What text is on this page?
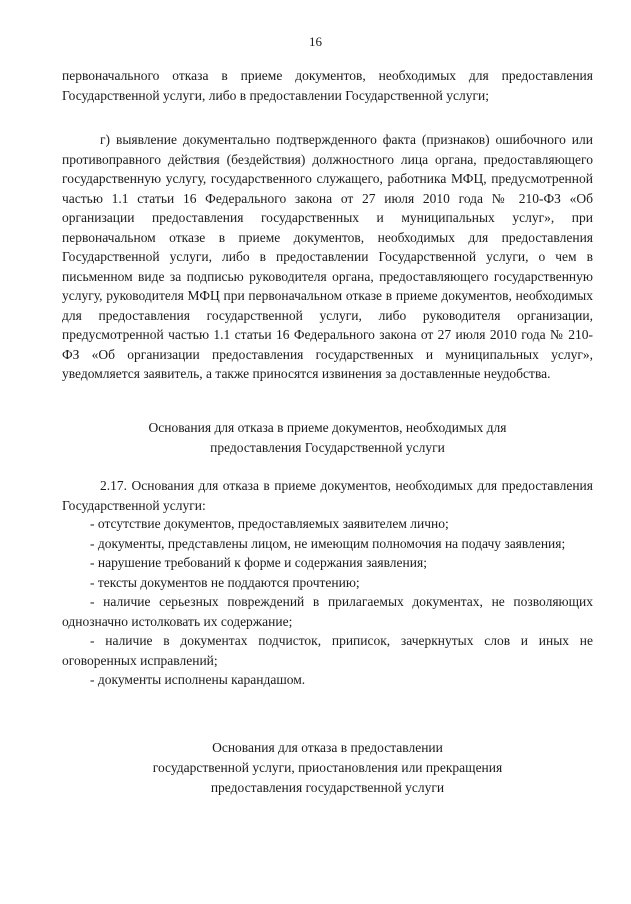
16

первоначального отказа в приеме документов, необходимых для предоставления Государственной услуги, либо в предоставлении Государственной услуги;

г) выявление документально подтвержденного факта (признаков) ошибочного или противоправного действия (бездействия) должностного лица органа, предоставляющего государственную услугу, государственного служащего, работника МФЦ, предусмотренной частью 1.1 статьи 16 Федерального закона от 27 июля 2010 года № 210-ФЗ «Об организации предоставления государственных и муниципальных услуг», при первоначальном отказе в приеме документов, необходимых для предоставления Государственной услуги, либо в предоставлении Государственной услуги, о чем в письменном виде за подписью руководителя органа, предоставляющего государственную услугу, руководителя МФЦ при первоначальном отказе в приеме документов, необходимых для предоставления государственной услуги, либо руководителя организации, предусмотренной частью 1.1 статьи 16 Федерального закона от 27 июля 2010 года № 210-ФЗ «Об организации предоставления государственных и муниципальных услуг», уведомляется заявитель, а также приносятся извинения за доставленные неудобства.

Основания для отказа в приеме документов, необходимых для
предоставления Государственной услуги

2.17. Основания для отказа в приеме документов, необходимых для предоставления Государственной услуги:

- отсутствие документов, предоставляемых заявителем лично;
- документы, представлены лицом, не имеющим полномочия на подачу заявления;
- нарушение требований к форме и содержания заявления;
- тексты документов не поддаются прочтению;
- наличие серьезных повреждений в прилагаемых документах, не позволяющих однозначно истолковать их содержание;
- наличие в документах подчисток, приписок, зачеркнутых слов и иных не оговоренных исправлений;
- документы исполнены карандашом.
Основания для отказа в предоставлении
государственной услуги, приостановления или прекращения
предоставления государственной услуги
